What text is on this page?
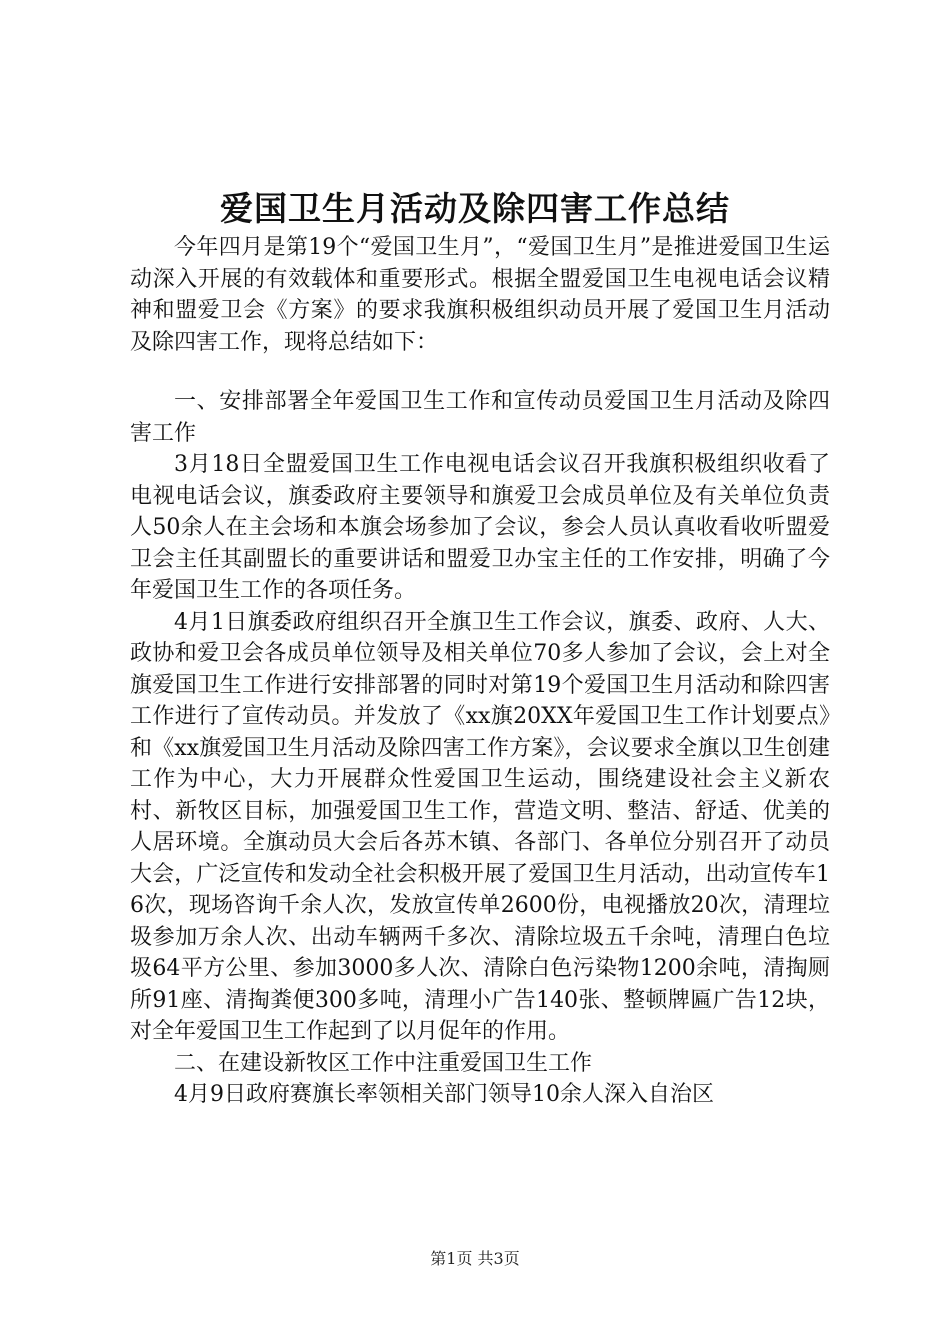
爱国卫生月活动及除四害工作总结

今年四月是第19个“爱国卫生月”，“爱国卫生月”是推进爱国卫生运动深入开展的有效载体和重要形式。根据全盟爱国卫生电视电话会议精神和盟爱卫会《方案》的要求我旗积极组织动员开展了爱国卫生月活动及除四害工作，现将总结如下：

一、安排部署全年爱国卫生工作和宣传动员爱国卫生月活动及除四害工作

3月18日全盟爱国卫生工作电视电话会议召开我旗积极组织收看了电视电话会议，旗委政府主要领导和旗爱卫会成员单位及有关单位负责人50余人在主会场和本旗会场参加了会议，参会人员认真收看收听盟爱卫会主任其副盟长的重要讲话和盟爱卫办宝主任的工作安排，明确了今年爱国卫生工作的各项任务。

4月1日旗委政府组织召开全旗卫生工作会议，旗委、政府、人大、政协和爱卫会各成员单位领导及相关单位70多人参加了会议，会上对全旗爱国卫生工作进行安排部署的同时对第19个爱国卫生月活动和除四害工作进行了宣传动员。并发放了《xx旗20XX年爱国卫生工作计划要点》和《xx旗爱国卫生月活动及除四害工作方案》，会议要求全旗以卫生创建工作为中心，大力开展群众性爱国卫生运动，围绕建设社会主义新农村、新牧区目标，加强爱国卫生工作，营造文明、整洁、舒适、优美的人居环境。全旗动员大会后各苏木镇、各部门、各单位分别召开了动员大会，广泛宣传和发动全社会积极开展了爱国卫生月活动，出动宣传车16次，现场咨询千余人次，发放宣传单2600份，电视播放20次，清理垃圾参加万余人次、出动车辆两千多次、清除垃圾五千余吨，清理白色垃圾64平方公里、参加3000多人次、清除白色污染物1200余吨，清掏厕所91座、清掏粪便300多吨，清理小广告140张、整顿牌匾广告12块，对全年爱国卫生工作起到了以月促年的作用。

二、在建设新牧区工作中注重爱国卫生工作

4月9日政府赛旗长率领相关部门领导10余人深入自治区

第1页 共3页
